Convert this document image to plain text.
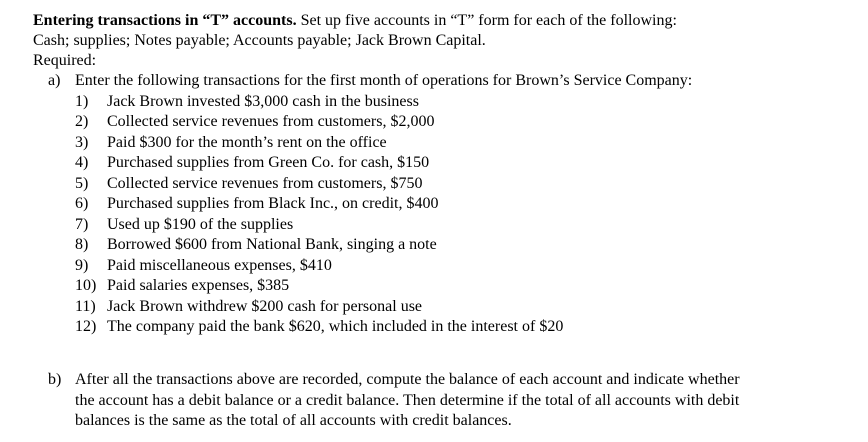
Entering transactions in “T” accounts. Set up five accounts in “T” form for each of the following:
Cash; supplies; Notes payable; Accounts payable; Jack Brown Capital.
Required:
a) Enter the following transactions for the first month of operations for Brown’s Service Company:
1) Jack Brown invested $3,000 cash in the business
2) Collected service revenues from customers, $2,000
3) Paid $300 for the month’s rent on the office
4) Purchased supplies from Green Co. for cash, $150
5) Collected service revenues from customers, $750
6) Purchased supplies from Black Inc., on credit, $400
7) Used up $190 of the supplies
8) Borrowed $600 from National Bank, singing a note
9) Paid miscellaneous expenses, $410
10) Paid salaries expenses, $385
11) Jack Brown withdrew $200 cash for personal use
12) The company paid the bank $620, which included in the interest of $20
b) After all the transactions above are recorded, compute the balance of each account and indicate whether
the account has a debit balance or a credit balance. Then determine if the total of all accounts with debit
balances is the same as the total of all accounts with credit balances.
